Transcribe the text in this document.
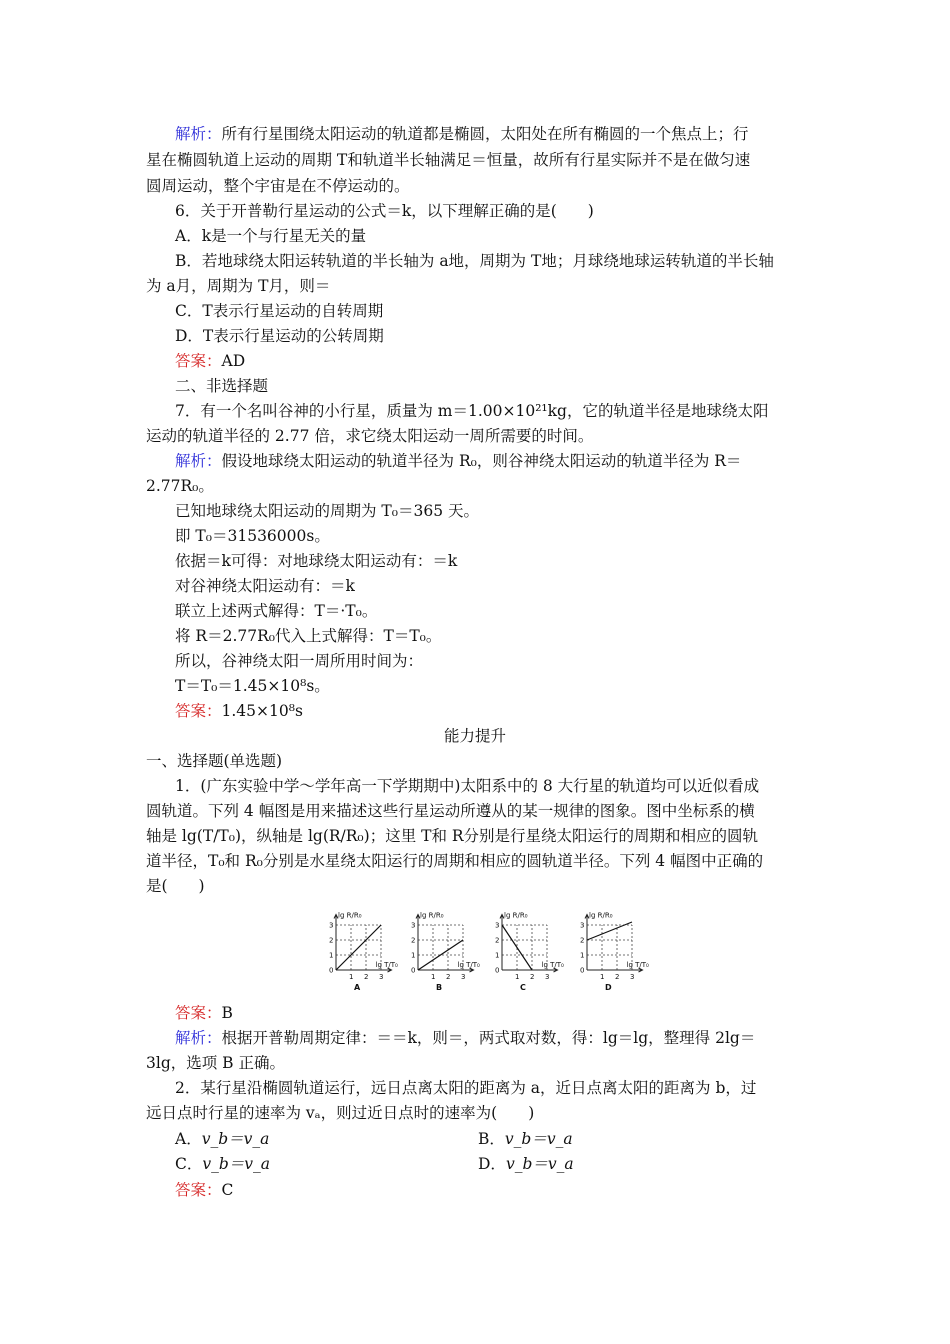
解析：所有行星围绕太阳运动的轨道都是椭圆，太阳处在所有椭圆的一个焦点上；行
星在椭圆轨道上运动的周期 T和轨道半长轴满足＝恒量，故所有行星实际并不是在做匀速
圆周运动，整个宇宙是在不停运动的。
6．关于开普勒行星运动的公式＝k，以下理解正确的是(　　)
A．k是一个与行星无关的量
B．若地球绕太阳运转轨道的半长轴为 a地，周期为 T地；月球绕地球运转轨道的半长轴
为 a月，周期为 T月，则＝
C．T表示行星运动的自转周期
D．T表示行星运动的公转周期
答案：AD
二、非选择题
7．有一个名叫谷神的小行星，质量为 m＝1.00×10²¹kg，它的轨道半径是地球绕太阳
运动的轨道半径的 2.77 倍，求它绕太阳运动一周所需要的时间。
解析：假设地球绕太阳运动的轨道半径为 R₀，则谷神绕太阳运动的轨道半径为 R＝
2.77R₀。
已知地球绕太阳运动的周期为 T₀＝365 天。
即 T₀＝31536000s。
依据＝k可得：对地球绕太阳运动有：＝k
对谷神绕太阳运动有：＝k
联立上述两式解得：T＝·T₀。
将 R＝2.77R₀代入上式解得：T＝T₀。
所以，谷神绕太阳一周所用时间为：
T＝T₀＝1.45×10⁸s。
答案：1.45×10⁸s
能力提升
一、选择题(单选题)
1．(广东实验中学～学年高一下学期期中)太阳系中的 8 大行星的轨道均可以近似看成
圆轨道。下列 4 幅图是用来描述这些行星运动所遵从的某一规律的图象。图中坐标系的横
轴是 lg(T/T₀)，纵轴是 lg(R/R₀)；这里 T和 R分别是行星绕太阳运行的周期和相应的圆轨
道半径，T₀和 R₀分别是水星绕太阳运行的周期和相应的圆轨道半径。下列 4 幅图中正确的
是(　　)
3
2
1
0
1 2 3
lg R/R₀
lg T/T₀
A
3
2
1
0
1 2 3
lg R/R₀
lg T/T₀
B
3
2
1
0
1 2 3
lg R/R₀
lg T/T₀
C
3
2
1
0
1 2 3
lg R/R₀
lg T/T₀
D
答案：B
解析：根据开普勒周期定律：＝＝k，则＝，两式取对数，得：lg＝lg，整理得 2lg＝
3lg，选项 B 正确。
2．某行星沿椭圆轨道运行，远日点离太阳的距离为 a，近日点离太阳的距离为 b，过
远日点时行星的速率为 vₐ，则过近日点时的速率为(　　)
A．v_b＝v_a	B．v_b＝v_a
C．v_b＝v_a	D．v_b＝v_a
答案：C
